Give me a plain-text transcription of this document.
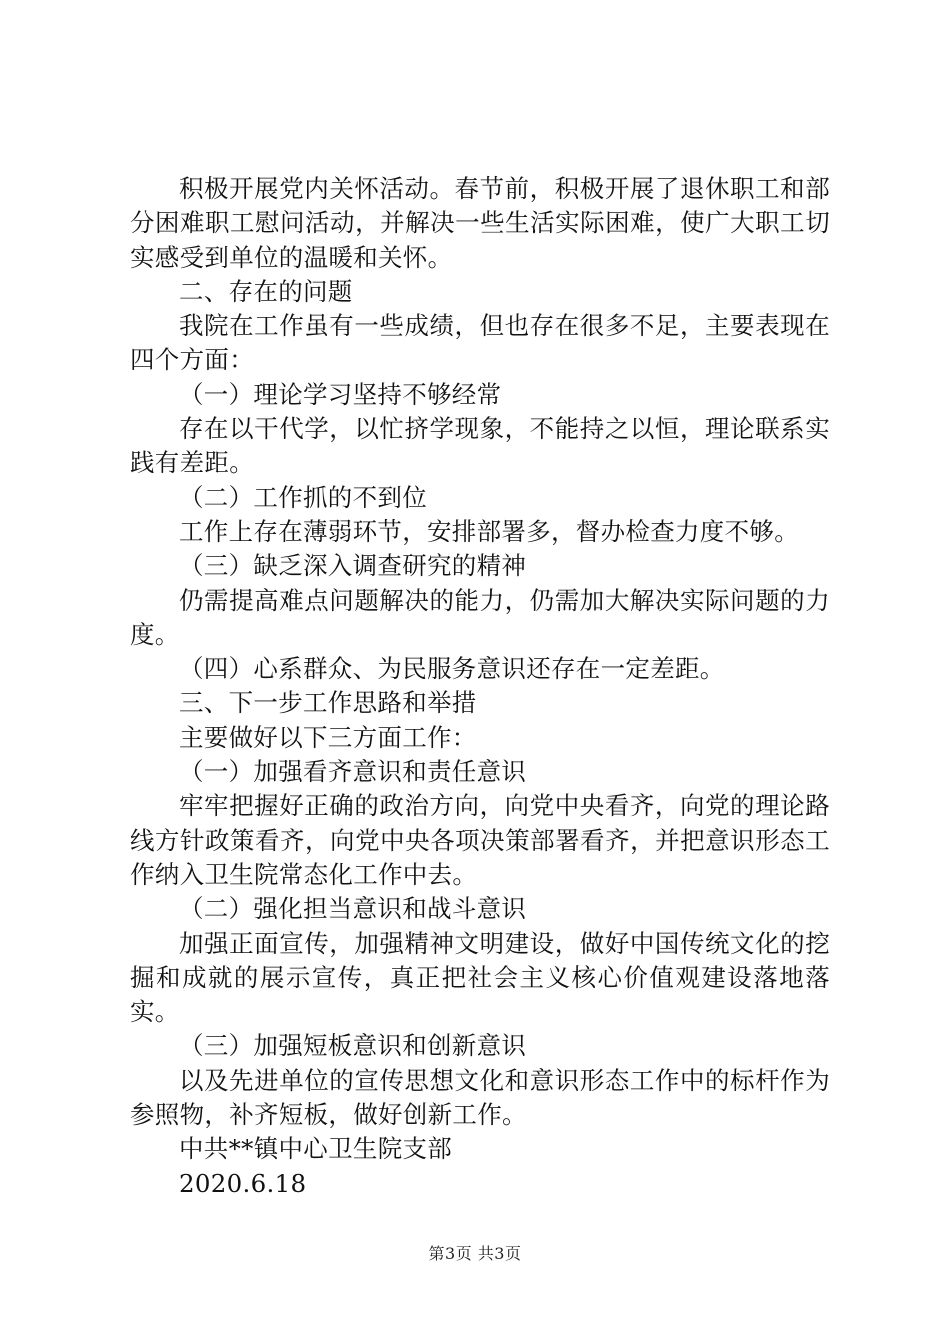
积极开展党内关怀活动。春节前，积极开展了退休职工和部分困难职工慰问活动，并解决一些生活实际困难，使广大职工切实感受到单位的温暖和关怀。

二、存在的问题

我院在工作虽有一些成绩，但也存在很多不足，主要表现在四个方面：

（一）理论学习坚持不够经常

存在以干代学，以忙挤学现象，不能持之以恒，理论联系实践有差距。

（二）工作抓的不到位

工作上存在薄弱环节，安排部署多，督办检查力度不够。

（三）缺乏深入调查研究的精神

仍需提高难点问题解决的能力，仍需加大解决实际问题的力度。

（四）心系群众、为民服务意识还存在一定差距。

三、下一步工作思路和举措

主要做好以下三方面工作：

（一）加强看齐意识和责任意识

牢牢把握好正确的政治方向，向党中央看齐，向党的理论路线方针政策看齐，向党中央各项决策部署看齐，并把意识形态工作纳入卫生院常态化工作中去。

（二）强化担当意识和战斗意识

加强正面宣传，加强精神文明建设，做好中国传统文化的挖掘和成就的展示宣传，真正把社会主义核心价值观建设落地落实。

（三）加强短板意识和创新意识

以及先进单位的宣传思想文化和意识形态工作中的标杆作为参照物，补齐短板，做好创新工作。

中共**镇中心卫生院支部

2020.6.18

第3页 共3页
